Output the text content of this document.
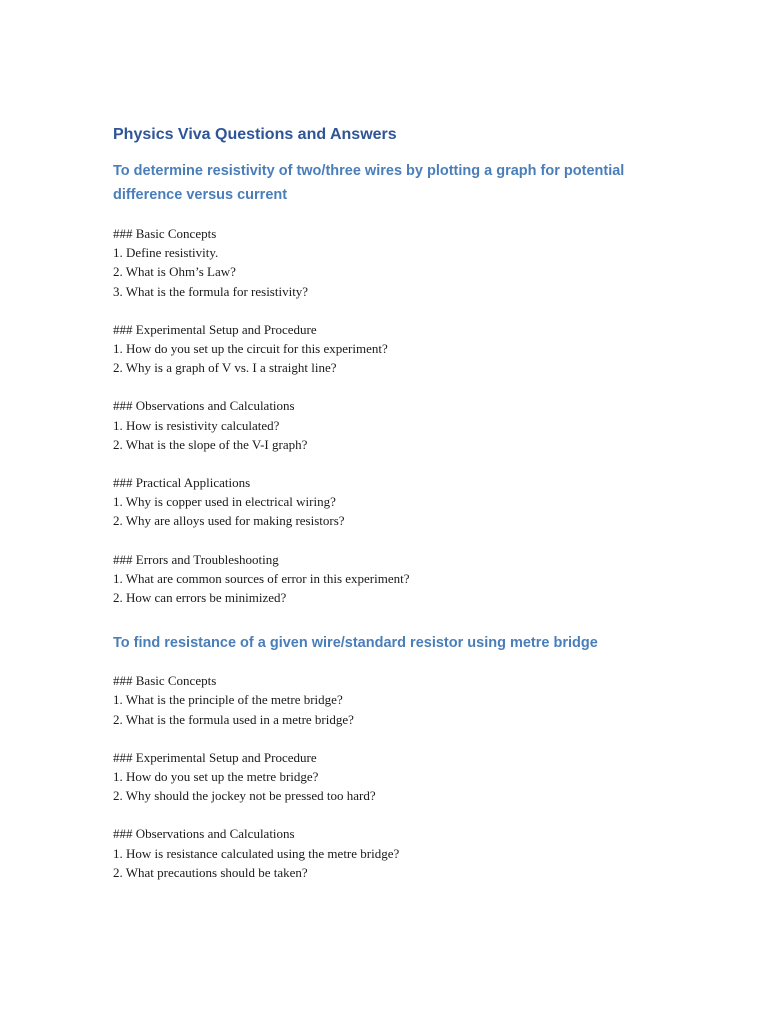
Physics Viva Questions and Answers
To determine resistivity of two/three wires by plotting a graph for potential difference versus current

### Basic Concepts

1. Define resistivity.

2. What is Ohm’s Law?

3. What is the formula for resistivity?

### Experimental Setup and Procedure

1. How do you set up the circuit for this experiment?

2. Why is a graph of V vs. I a straight line?

### Observations and Calculations

1. How is resistivity calculated?

2. What is the slope of the V-I graph?

### Practical Applications

1. Why is copper used in electrical wiring?

2. Why are alloys used for making resistors?

### Errors and Troubleshooting

1. What are common sources of error in this experiment?

2. How can errors be minimized?

To find resistance of a given wire/standard resistor using metre bridge

### Basic Concepts

1. What is the principle of the metre bridge?

2. What is the formula used in a metre bridge?

### Experimental Setup and Procedure

1. How do you set up the metre bridge?

2. Why should the jockey not be pressed too hard?

### Observations and Calculations

1. How is resistance calculated using the metre bridge?

2. What precautions should be taken?
